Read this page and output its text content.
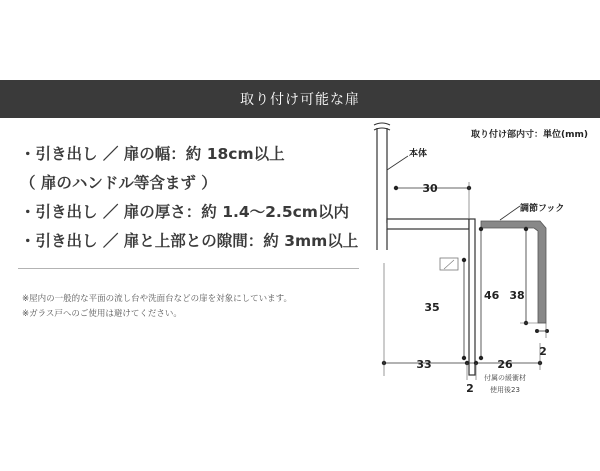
取り付け可能な扉
・引き出し ／ 扉の幅：約 18cm以上
（ 扉のハンドル等含まず ）
・引き出し ／ 扉の厚さ：約 1.4〜2.5cm以内
・引き出し ／ 扉と上部との隙間：約 3mm以上
※屋内の一般的な平面の流し台や洗面台などの扉を対象にしています。
※ガラス戸へのご使用は避けてください。
取り付け部内寸：単位(mm)
本体
調節フック
30
46 38
35
2
33	26
2
付属の緩衝材
使用後23
